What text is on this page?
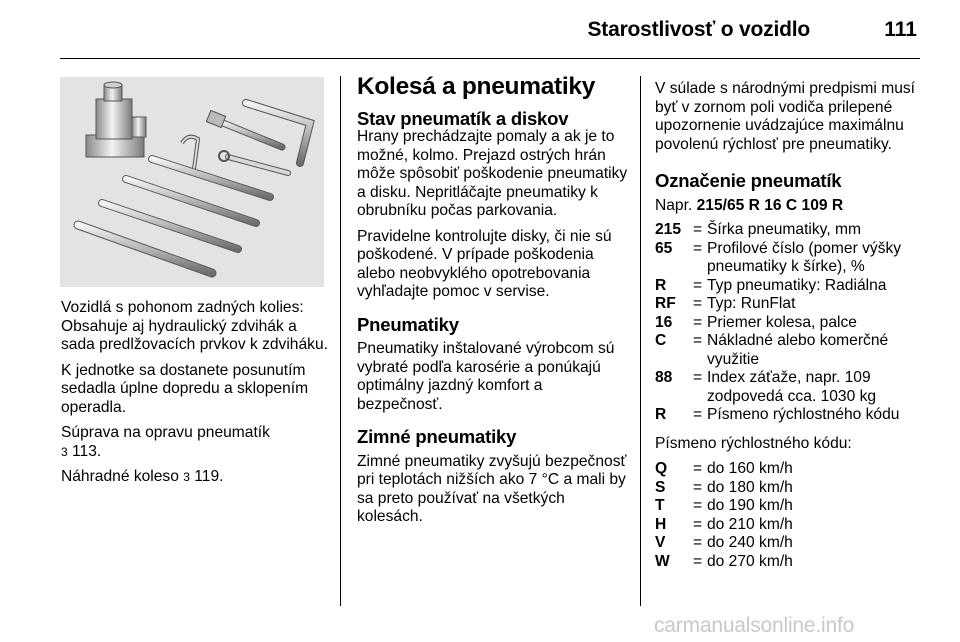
Starostlivosť o vozidlo	111

Vozidlá s pohonom zadných kolies: Obsahuje aj hydraulický zdvihák a sada predlžovacích prvkov k zdviháku.

K jednotke sa dostanete posunutím sedadla úplne dopredu a sklopením operadla.

Súprava na opravu pneumatík
3 113.

Náhradné koleso 3 119.

Kolesá a pneumatiky
Stav pneumatík a diskov

Hrany prechádzajte pomaly a ak je to možné, kolmo. Prejazd ostrých hrán môže spôsobiť poškodenie pneumatiky a disku. Nepritláčajte pneumatiky k obrubníku počas parkovania.

Pravidelne kontrolujte disky, či nie sú poškodené. V prípade poškodenia alebo neobvyklého opotrebovania vyhľadajte pomoc v servise.

Pneumatiky

Pneumatiky inštalované výrobcom sú vybraté podľa karosérie a ponúkajú optimálny jazdný komfort a bezpečnosť.

Zimné pneumatiky

Zimné pneumatiky zvyšujú bezpečnosť pri teplotách nižších ako 7 °C a mali by sa preto používať na všetkých kolesách.

V súlade s národnými predpismi musí byť v zornom poli vodiča prilepené upozornenie uvádzajúce maximálnu povolenú rýchlosť pre pneumatiky.

Označenie pneumatík
Napr. 215/65 R 16 C 109 R
215 = Šírka pneumatiky, mm
65	= Profilové číslo (pomer výšky pneumatiky k šírke), %
R	= Typ pneumatiky: Radiálna
RF	= Typ: RunFlat
16	= Priemer kolesa, palce
C	= Nákladné alebo komerčné využitie
88	= Index záťaže, napr. 109 zodpovedá cca. 1030 kg
R	= Písmeno rýchlostného kódu

Písmeno rýchlostného kódu:

Q	= do 160 km/h
S	= do 180 km/h
T	= do 190 km/h
H	= do 210 km/h
V	= do 240 km/h
W	= do 270 km/h
carmanualsonline.info
